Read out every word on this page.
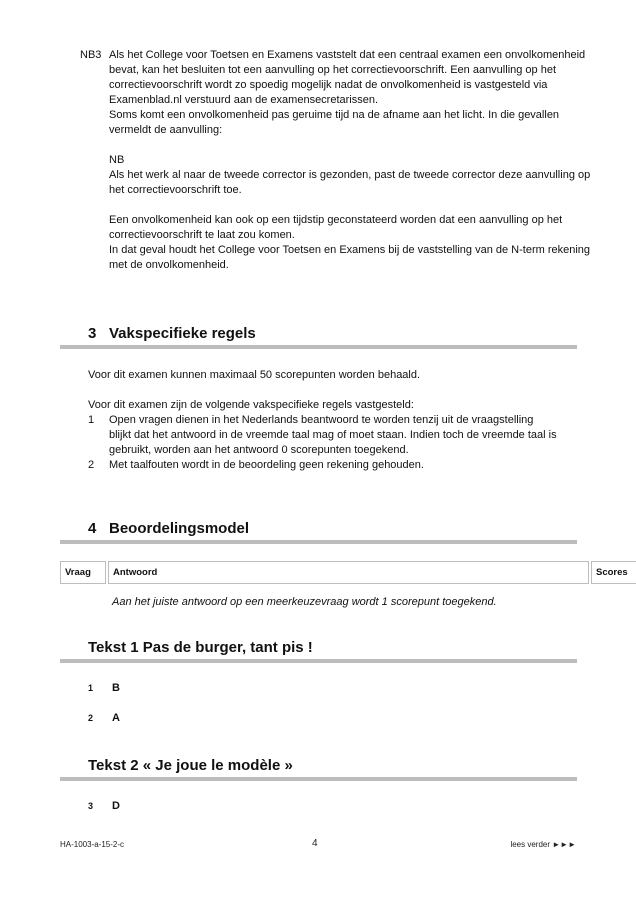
NB3 Als het College voor Toetsen en Examens vaststelt dat een centraal examen een onvolkomenheid bevat, kan het besluiten tot een aanvulling op het correctievoorschrift. Een aanvulling op het correctievoorschrift wordt zo spoedig mogelijk nadat de onvolkomenheid is vastgesteld via Examenblad.nl verstuurd aan de examensecretarissen.

Soms komt een onvolkomenheid pas geruime tijd na de afname aan het licht. In die gevallen vermeldt de aanvulling:

NB

Als het werk al naar de tweede corrector is gezonden, past de tweede corrector deze aanvulling op het correctievoorschrift toe.

Een onvolkomenheid kan ook op een tijdstip geconstateerd worden dat een aanvulling op het correctievoorschrift te laat zou komen.

In dat geval houdt het College voor Toetsen en Examens bij de vaststelling van de N-term rekening met de onvolkomenheid.

3 Vakspecifieke regels
Voor dit examen kunnen maximaal 50 scorepunten worden behaald.
Voor dit examen zijn de volgende vakspecifieke regels vastgesteld:
1 Open vragen dienen in het Nederlands beantwoord te worden tenzij uit de vraagstelling blijkt dat het antwoord in de vreemde taal mag of moet staan. Indien toch de vreemde taal is gebruikt, worden aan het antwoord 0 scorepunten toegekend.
2 Met taalfouten wordt in de beoordeling geen rekening gehouden.
4 Beoordelingsmodel
Vraag	Antwoord	Scores
Aan het juiste antwoord op een meerkeuzevraag wordt 1 scorepunt toegekend.
Tekst 1 Pas de burger, tant pis !
1 B
2 A
Tekst 2 « Je joue le modèle »
3 D
HA-1003-a-15-2-c	4	lees verder ►►►
